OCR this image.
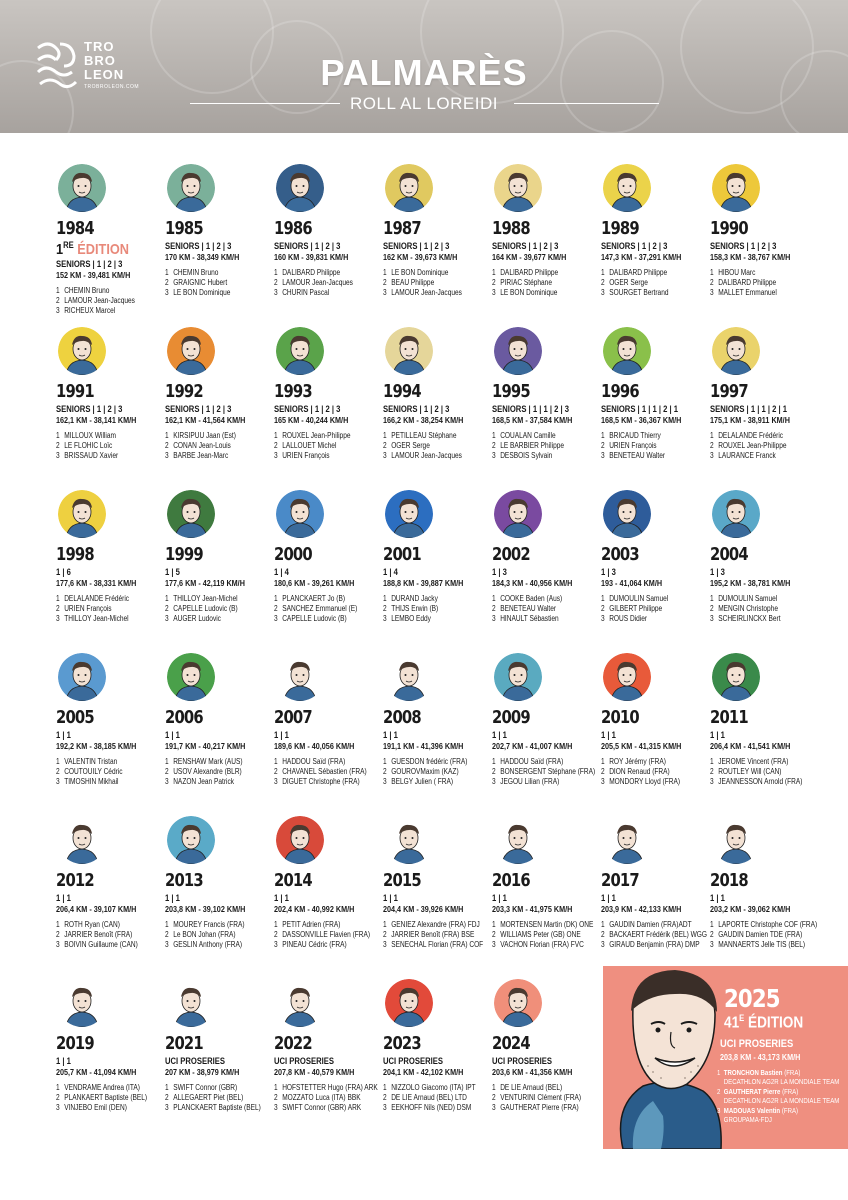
TRO
BRO
LEON
TROBROLEON.COM	PALMARÈS
ROLL AL LOREIDI
1984
1RE ÉDITION
SENIORS | 1 | 2 | 3
152 KM - 39,481 KM/H
1 CHEMIN Bruno
2 LAMOUR Jean-Jacques
3 RICHEUX Marcel
1985
SENIORS | 1 | 2 | 3
170 KM - 38,349 KM/H
1 CHEMIN Bruno
2 GRAIGNIC Hubert
3 LE BON Dominique
1986
SENIORS | 1 | 2 | 3
160 KM - 39,831 KM/H
1 DALIBARD Philippe
2 LAMOUR Jean-Jacques
3 CHURIN Pascal
1987
SENIORS | 1 | 2 | 3
162 KM - 39,673 KM/H
1 LE BON Dominique
2 BEAU Philippe
3 LAMOUR Jean-Jacques
1988
SENIORS | 1 | 2 | 3
164 KM - 39,677 KM/H
1 DALIBARD Philippe
2 PIRIAC Stéphane
3 LE BON Dominique
1989
SENIORS | 1 | 2 | 3
147,3 KM - 37,291 KM/H
1 DALIBARD Philippe
2 OGER Serge
3 SOURGET Bertrand
1990
SENIORS | 1 | 2 | 3
158,3 KM - 38,767 KM/H
1 HIBOU Marc
2 DALIBARD Philippe
3 MALLET Emmanuel
1991
SENIORS | 1 | 2 | 3
162,1 KM - 38,141 KM/H
1 MILLOUX William
2 LE FLOHIC Loïc
3 BRISSAUD Xavier
1992
SENIORS | 1 | 2 | 3
162,1 KM - 41,564 KM/H
1 KIRSIPUU Jaan (Est)
2 CONAN Jean-Louis
3 BARBE Jean-Marc
1993
SENIORS | 1 | 2 | 3
165 KM - 40,244 KM/H
1 ROUXEL Jean-Philippe
2 LALLOUET Michel
3 URIEN François
1994
SENIORS | 1 | 2 | 3
166,2 KM - 38,254 KM/H
1 PETILLEAU Stéphane
2 OGER Serge
3 LAMOUR Jean-Jacques
1995
SENIORS | 1 | 1 | 2 | 3
168,5 KM - 37,584 KM/H
1 COUALAN Camille
2 LE BARBIER Philippe
3 DESBOIS Sylvain
1996
SENIORS | 1 | 1 | 2 | 1
168,5 KM - 36,367 KM/H
1 BRICAUD Thierry
2 URIEN François
3 BENETEAU Walter
1997
SENIORS | 1 | 1 | 2 | 1
175,1 KM - 38,911 KM/H
1 DELALANDE Frédéric
2 ROUXEL Jean-Philippe
3 LAURANCE Franck
1998
1 | 6
177,6 KM - 38,331 KM/H
1 DELALANDE Frédéric
2 URIEN François
3 THILLOY Jean-Michel
1999
1 | 5
177,6 KM - 42,119 KM/H
1 THILLOY Jean-Michel
2 CAPELLE Ludovic (B)
3 AUGER Ludovic
2000
1 | 4
180,6 KM - 39,261 KM/H
1 PLANCKAERT Jo (B)
2 SANCHEZ Emmanuel (E)
3 CAPELLE Ludovic (B)
2001
1 | 4
188,8 KM - 39,887 KM/H
1 DURAND Jacky
2 THIJS Erwin (B)
3 LEMBO Eddy
2002
1 | 3
184,3 KM - 40,956 KM/H
1 COOKE Baden (Aus)
2 BENETEAU Walter
3 HINAULT Sébastien
2003
1 | 3
193 - 41,064 KM/H
1 DUMOULIN Samuel
2 GILBERT Philippe
3 ROUS Didier
2004
1 | 3
195,2 KM - 38,781 KM/H
1 DUMOULIN Samuel
2 MENGIN Christophe
3 SCHEIRLINCKX Bert
2005
1 | 1
192,2 KM - 38,185 KM/H
1 VALENTIN Tristan
2 COUTOUILY Cédric
3 TIMOSHIN Mikhail
2006
1 | 1
191,7 KM - 40,217 KM/H
1 RENSHAW Mark (AUS)
2 USOV Alexandre (BLR)
3 NAZON Jean Patrick
2007
1 | 1
189,6 KM - 40,056 KM/H
1 HADDOU Saïd (FRA)
2 CHAVANEL Sébastien (FRA)
3 DIGUET Christophe (FRA)
2008
1 | 1
191,1 KM - 41,396 KM/H
1 GUESDON frédéric (FRA)
2 GOUROVMaxim (KAZ)
3 BELGY Julien ( FRA)
2009
1 | 1
202,7 KM - 41,007 KM/H
1 HADDOU Saïd (FRA)
2 BONSERGENT Stéphane (FRA)
3 JEGOU Lilian (FRA)
2010
1 | 1
205,5 KM - 41,315 KM/H
1 ROY Jérémy (FRA)
2 DION Renaud (FRA)
3 MONDORY Lloyd (FRA)
2011
1 | 1
206,4 KM - 41,541 KM/H
1 JEROME Vincent (FRA)
2 ROUTLEY Will (CAN)
3 JEANNESSON Arnold (FRA)
2012
1 | 1
206,4 KM - 39,107 KM/H
1 ROTH Ryan (CAN)
2 JARRIER Benoît (FRA)
3 BOIVIN Guillaume (CAN)
2013
1 | 1
203,8 KM - 39,102 KM/H
1 MOUREY Francis (FRA)
2 Le BON Johan (FRA)
3 GESLIN Anthony (FRA)
2014
1 | 1
202,4 KM - 40,992 KM/H
1 PETIT Adrien (FRA)
2 DASSONVILLE Flavien (FRA)
3 PINEAU Cédric (FRA)
2015
1 | 1
204,4 KM - 39,926 KM/H
1 GENIEZ Alexandre (FRA) FDJ
2 JARRIER Benoît (FRA) BSE
3 SENECHAL Florian (FRA) COF
2016
1 | 1
203,3 KM - 41,975 KM/H
1 MORTENSEN Martin (DK) ONE
2 WILLIAMS Peter (GB) ONE
3 VACHON Florian (FRA) FVC
2017
1 | 1
203,9 KM - 42,133 KM/H
1 GAUDIN Damien (FRA)ADT
2 BACKAERT Frédérik (BEL) WGG
3 GIRAUD Benjamin (FRA) DMP
2018
1 | 1
203,2 KM - 39,062 KM/H
1 LAPORTE Christophe COF (FRA)
2 GAUDIN Damien TDE (FRA)
3 MANNAERTS Jelle TIS (BEL)
2019
1 | 1
205,7 KM - 41,094 KM/H
1 VENDRAME Andrea (ITA)
2 PLANKAERT Baptiste (BEL)
3 VINJEBO Emil (DEN)
2021
UCI PROSERIES
207 KM - 38,979 KM/H
1 SWIFT Connor (GBR)
2 ALLEGAERT Piet (BEL)
3 PLANCKAERT Baptiste (BEL)
2022
UCI PROSERIES
207,8 KM - 40,579 KM/H
1 HOFSTETTER Hugo (FRA) ARK
2 MOZZATO Luca (ITA) BBK
3 SWIFT Connor (GBR) ARK
2023
UCI PROSERIES
204,1 KM - 42,102 KM/H
1 NIZZOLO Giacomo (ITA) IPT
2 DE LIE Arnaud (BEL) LTD
3 EEKHOFF Nils (NED) DSM
2024
UCI PROSERIES
203,6 KM - 41,356 KM/H
1 DE LIE Arnaud (BEL)
2 VENTURINI Clément (FRA)
3 GAUTHERAT Pierre (FRA)
2025
$41^E$ ÉDITION
UCI PROSERIES
203,8 KM - 43,173 KM/H
1  TRONCHON Bastien (FRA)
DECATHLON AG2R LA MONDIALE TEAM
2  GAUTHERAT Pierre (FRA)
DECATHLON AG2R LA MONDIALE TEAM
3  MADOUAS Valentin (FRA)
GROUPAMA-FDJ
